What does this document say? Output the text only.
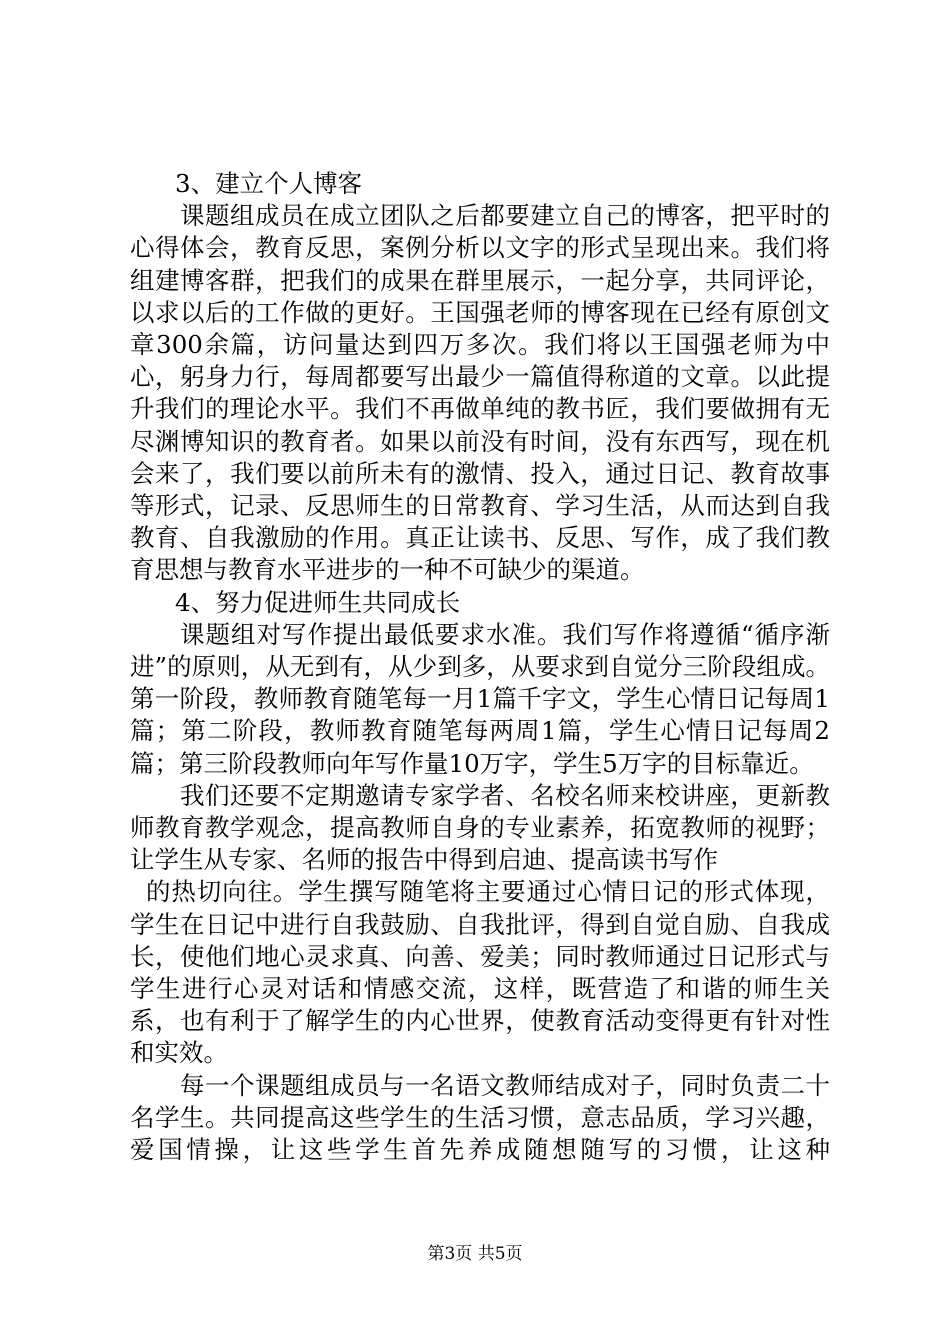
3、建立个人博客

课题组成员在成立团队之后都要建立自己的博客，把平时的心得体会，教育反思，案例分析以文字的形式呈现出来。我们将组建博客群，把我们的成果在群里展示，一起分享，共同评论，以求以后的工作做的更好。王国强老师的博客现在已经有原创文章300余篇，访问量达到四万多次。我们将以王国强老师为中心，躬身力行，每周都要写出最少一篇值得称道的文章。以此提升我们的理论水平。我们不再做单纯的教书匠，我们要做拥有无尽渊博知识的教育者。如果以前没有时间，没有东西写，现在机会来了，我们要以前所未有的激情、投入，通过日记、教育故事等形式，记录、反思师生的日常教育、学习生活，从而达到自我教育、自我激励的作用。真正让读书、反思、写作，成了我们教育思想与教育水平进步的一种不可缺少的渠道。

4、努力促进师生共同成长

课题组对写作提出最低要求水准。我们写作将遵循“循序渐进”的原则，从无到有，从少到多，从要求到自觉分三阶段组成。第一阶段，教师教育随笔每一月1篇千字文，学生心情日记每周1篇；第二阶段，教师教育随笔每两周1篇，学生心情日记每周2篇；第三阶段教师向年写作量10万字，学生5万字的目标靠近。

我们还要不定期邀请专家学者、名校名师来校讲座，更新教师教育教学观念，提高教师自身的专业素养，拓宽教师的视野；让学生从专家、名师的报告中得到启迪、提高读书写作

的热切向往。学生撰写随笔将主要通过心情日记的形式体现，学生在日记中进行自我鼓励、自我批评，得到自觉自励、自我成长，使他们地心灵求真、向善、爱美；同时教师通过日记形式与学生进行心灵对话和情感交流，这样，既营造了和谐的师生关系，也有利于了解学生的内心世界，使教育活动变得更有针对性和实效。

每一个课题组成员与一名语文教师结成对子，同时负责二十名学生。共同提高这些学生的生活习惯，意志品质，学习兴趣，爱国情操，让这些学生首先养成随想随写的习惯，让这种

第3页 共5页
